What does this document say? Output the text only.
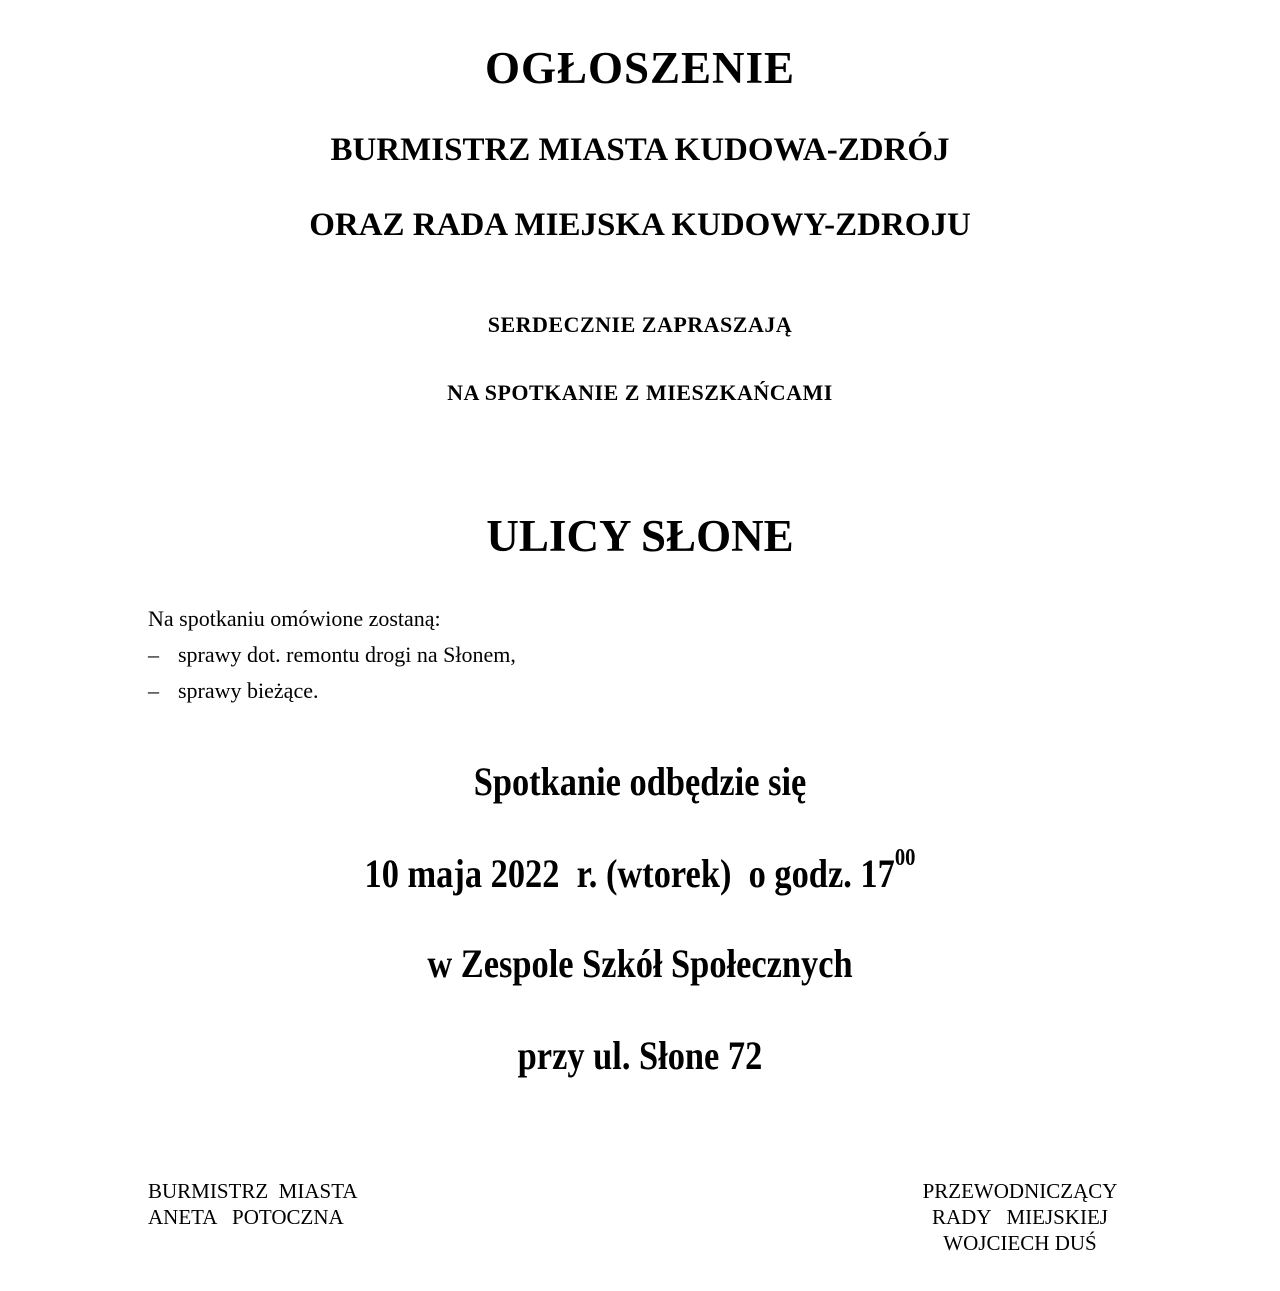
OGŁOSZENIE
BURMISTRZ MIASTA KUDOWA-ZDRÓJ
ORAZ RADA MIEJSKA KUDOWY-ZDROJU
SERDECZNIE ZAPRASZAJĄ
NA SPOTKANIE Z MIESZKAŃCAMI
ULICY SŁONE
Na spotkaniu omówione zostaną:
– sprawy dot. remontu drogi na Słonem,
– sprawy bieżące.
Spotkanie odbędzie się
10 maja 2022  r. (wtorek)  o godz. $17^{00}$
w Zespole Szkół Społecznych
przy ul. Słone 72
BURMISTRZ  MIASTA
ANETA   POTOCZNA
PRZEWODNICZĄCY
RADY   MIEJSKIEJ
WOJCIECH DUŚ
